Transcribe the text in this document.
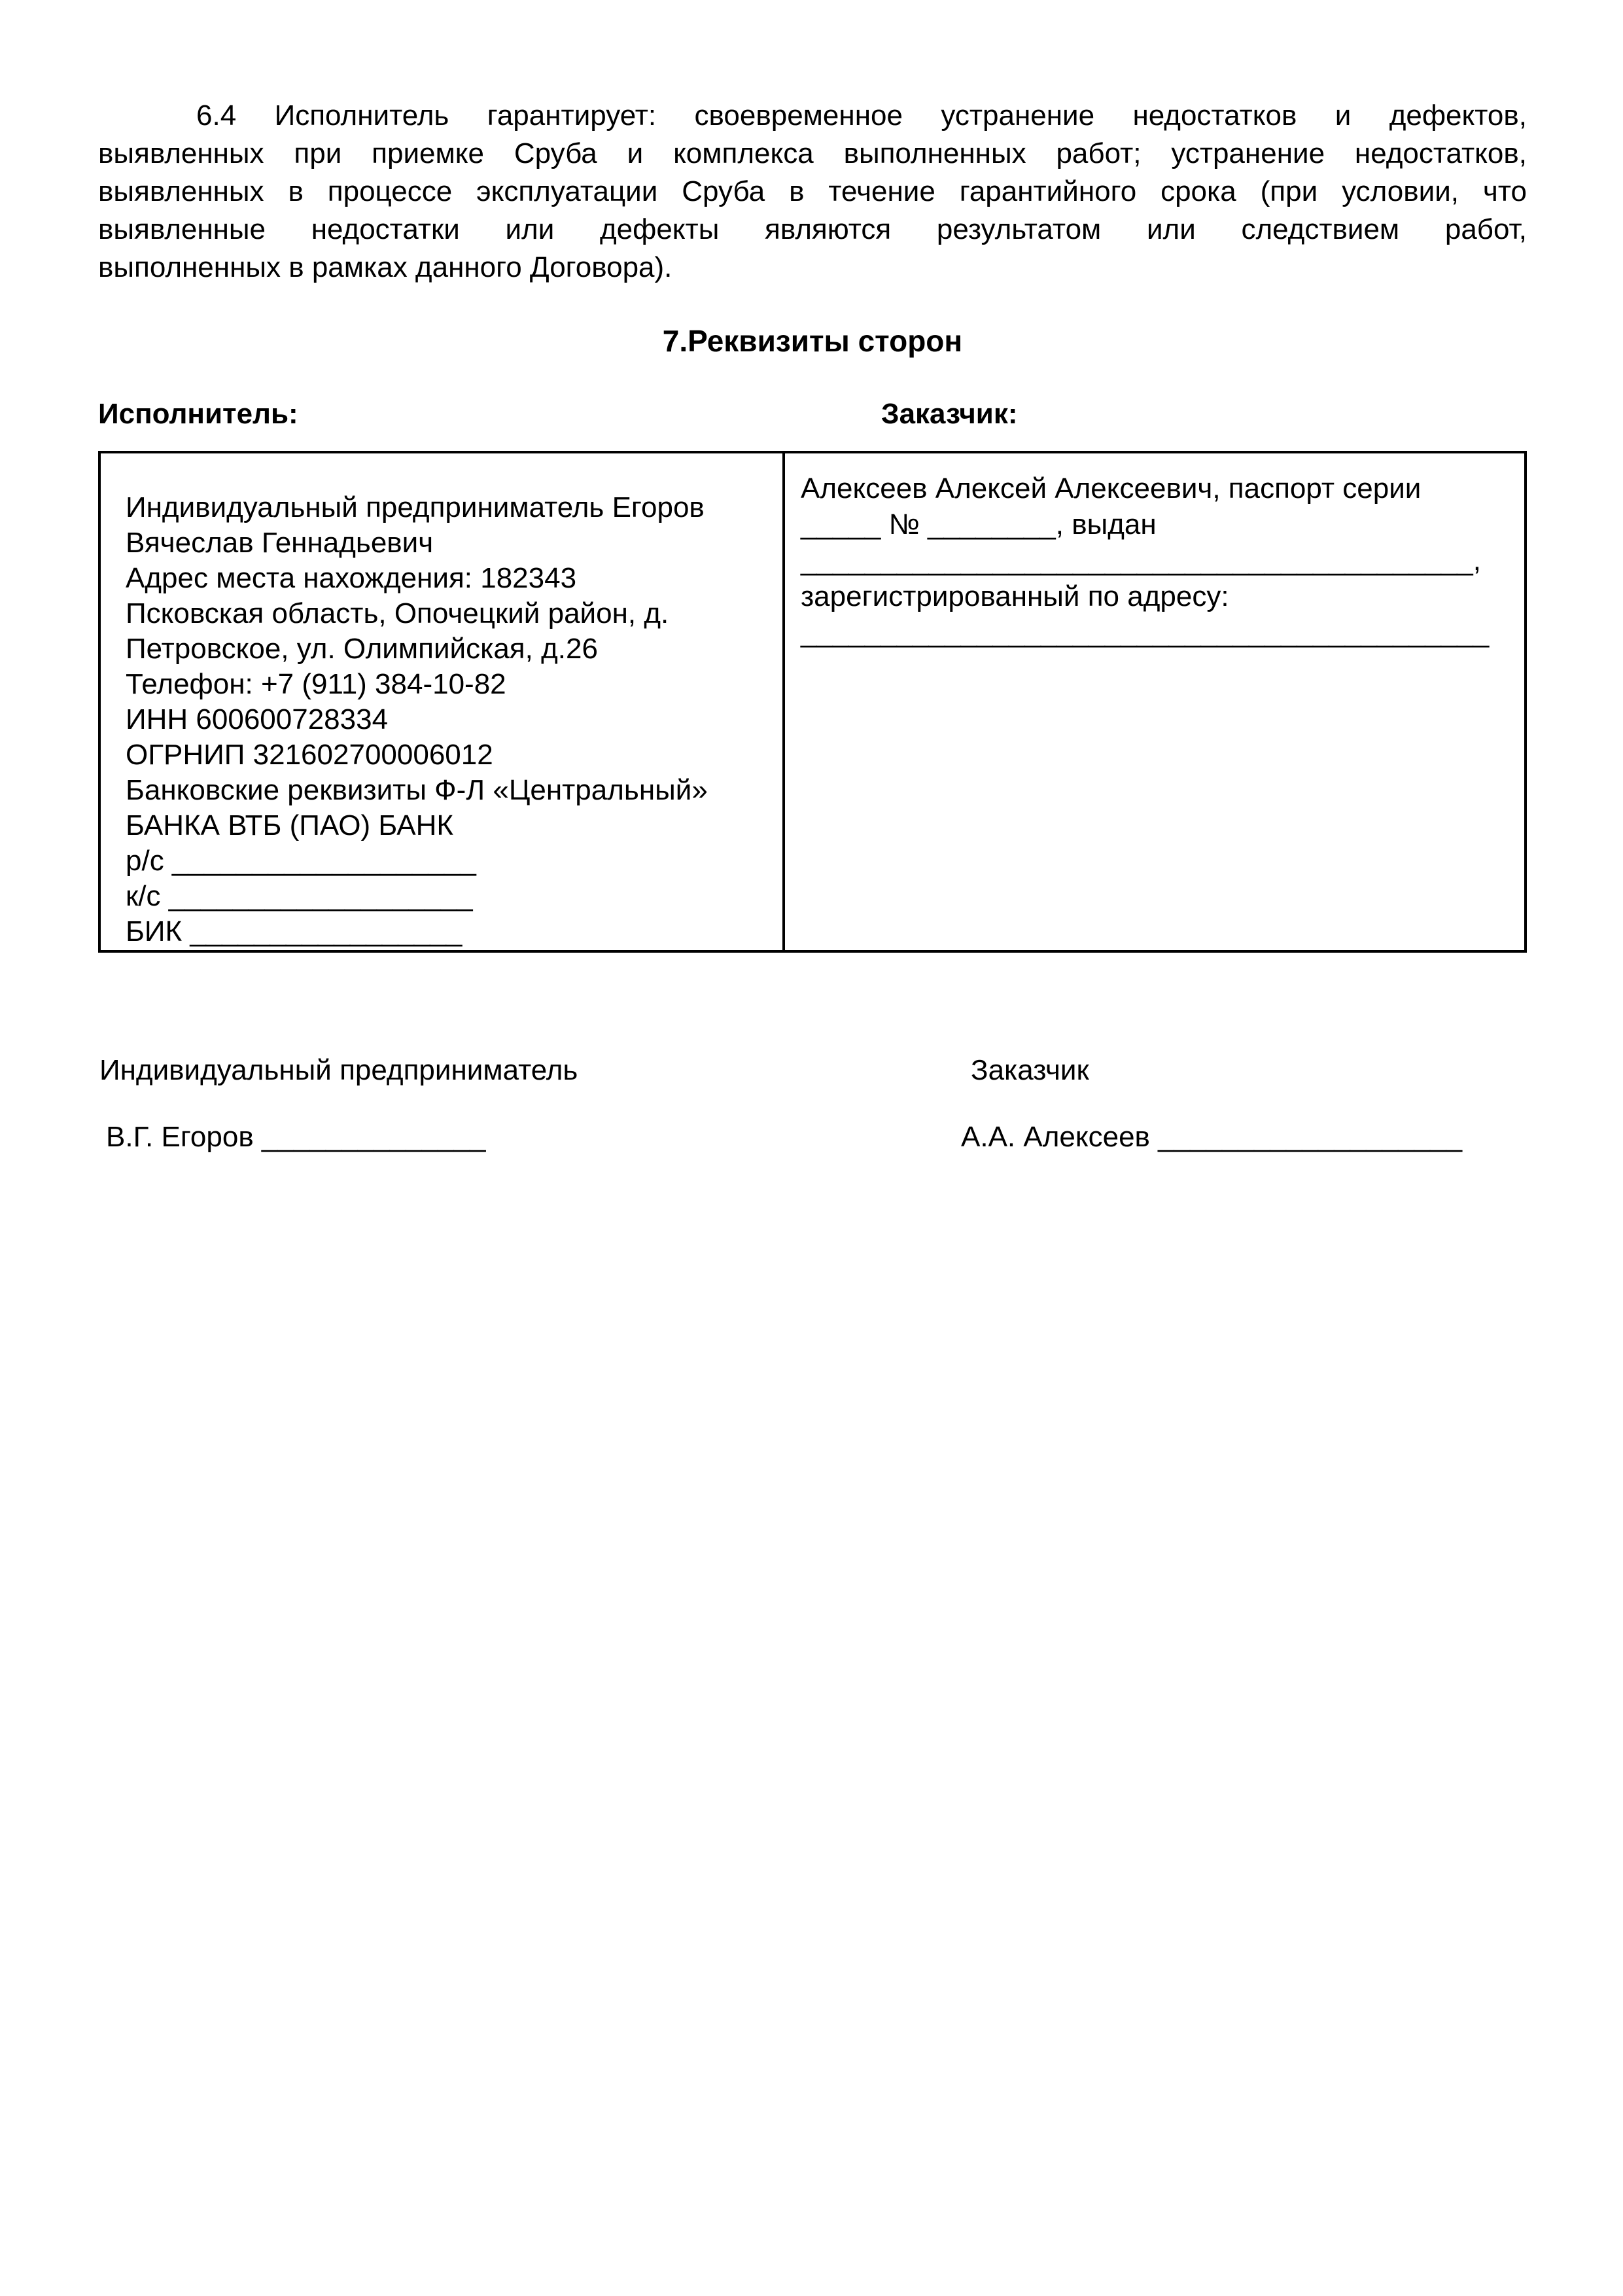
6.4 Исполнитель гарантирует: своевременное устранение недостатков и дефектов,
выявленных при приемке Сруба и комплекса выполненных работ; устранение недостатков,
выявленных в процессе эксплуатации Сруба в течение гарантийного срока (при условии, что
выявленные недостатки или дефекты являются результатом или следствием работ,
выполненных в рамках данного Договора).
7.Реквизиты сторон
Исполнитель:	Заказчик:
Индивидуальный предприниматель Егоров
Вячеслав Геннадьевич
Адрес места нахождения: 182343
Псковская область, Опочецкий район, д.
Петровское, ул. Олимпийская, д.26
Телефон: +7 (911) 384-10-82
ИНН 600600728334
ОГРНИП 321602700006012
Банковские реквизиты Ф-Л «Центральный»
БАНКА ВТБ (ПАО) БАНК
р/с ___________________
к/с ___________________
БИК _________________
Алексеев Алексей Алексеевич, паспорт серии
_____ № ________, выдан
__________________________________________,
зарегистрированный по адресу:
___________________________________________
Индивидуальный предприниматель	Заказчик
В.Г. Егоров ______________	А.А. Алексеев ___________________
